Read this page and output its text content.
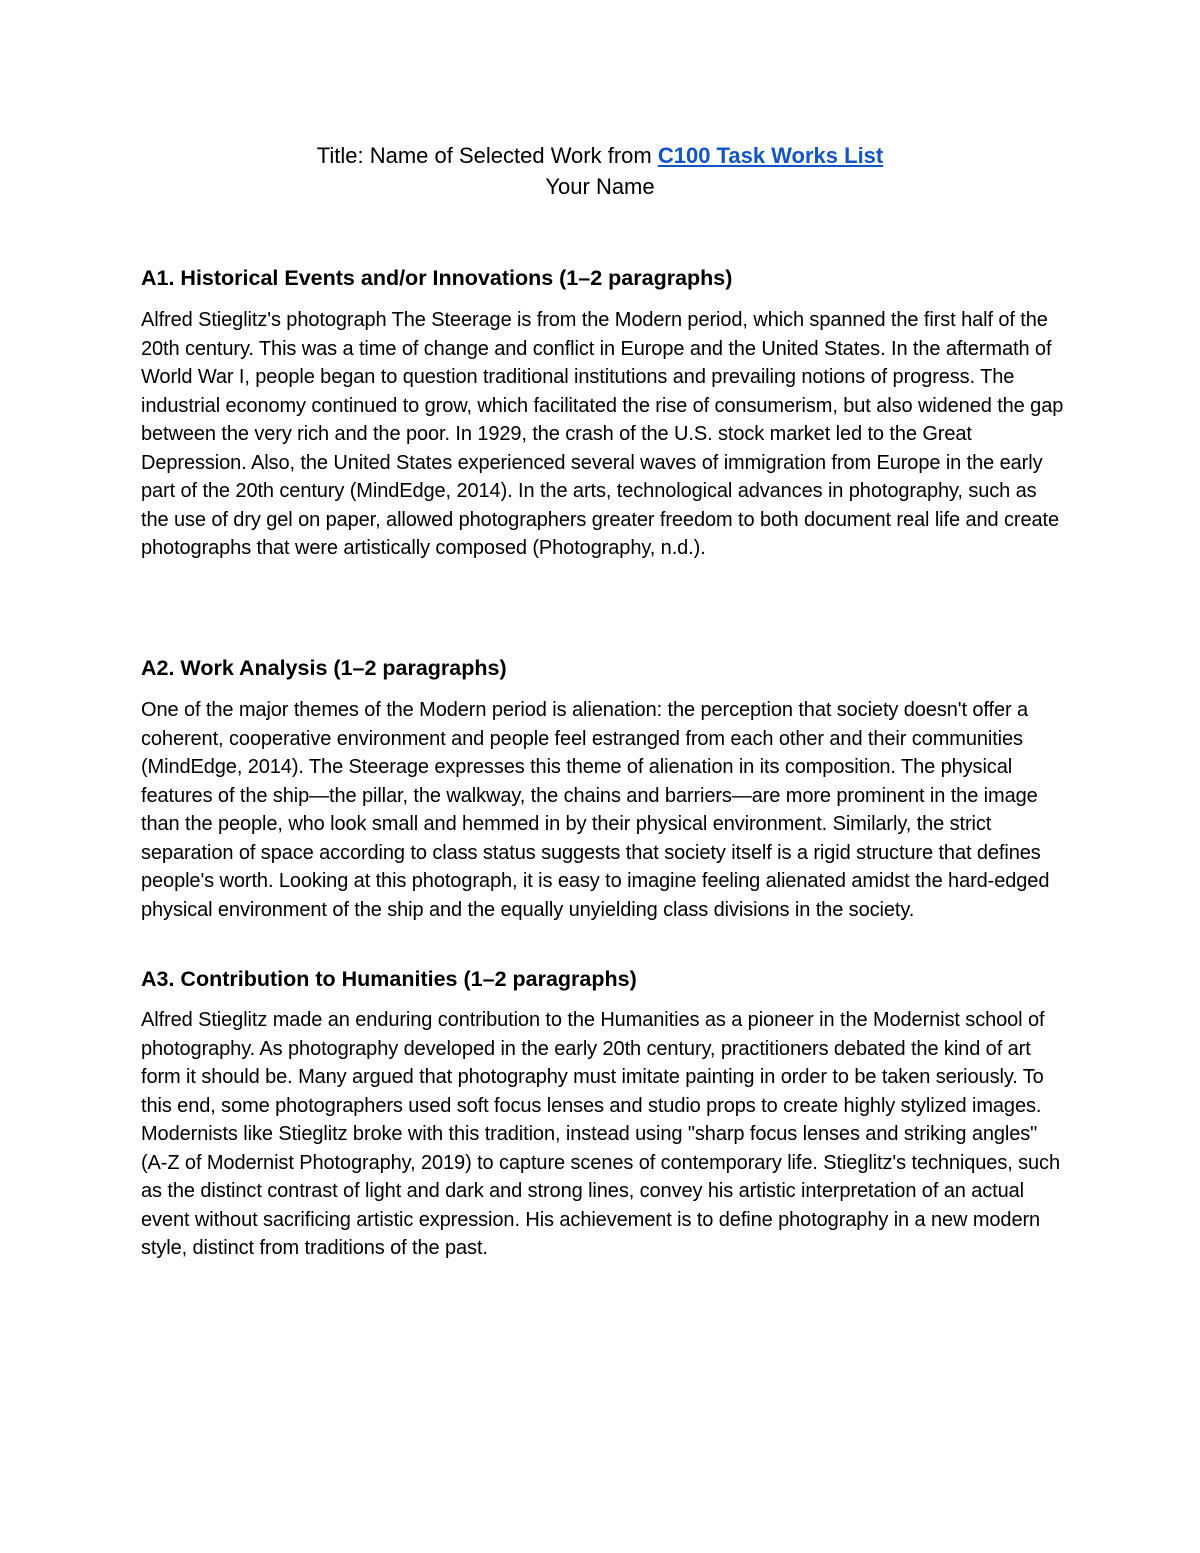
Title: Name of Selected Work from C100 Task Works List
Your Name
A1. Historical Events and/or Innovations (1–2 paragraphs)

Alfred Stieglitz's photograph The Steerage is from the Modern period, which spanned the first half of the 20th century. This was a time of change and conflict in Europe and the United States. In the aftermath of World War I, people began to question traditional institutions and prevailing notions of progress. The industrial economy continued to grow, which facilitated the rise of consumerism, but also widened the gap between the very rich and the poor. In 1929, the crash of the U.S. stock market led to the Great Depression. Also, the United States experienced several waves of immigration from Europe in the early part of the 20th century (MindEdge, 2014). In the arts, technological advances in photography, such as the use of dry gel on paper, allowed photographers greater freedom to both document real life and create photographs that were artistically composed (Photography, n.d.).

A2. Work Analysis (1–2 paragraphs)

One of the major themes of the Modern period is alienation: the perception that society doesn't offer a coherent, cooperative environment and people feel estranged from each other and their communities (MindEdge, 2014). The Steerage expresses this theme of alienation in its composition. The physical features of the ship—the pillar, the walkway, the chains and barriers—are more prominent in the image than the people, who look small and hemmed in by their physical environment. Similarly, the strict separation of space according to class status suggests that society itself is a rigid structure that defines people's worth. Looking at this photograph, it is easy to imagine feeling alienated amidst the hard-edged physical environment of the ship and the equally unyielding class divisions in the society.

A3. Contribution to Humanities (1–2 paragraphs)

Alfred Stieglitz made an enduring contribution to the Humanities as a pioneer in the Modernist school of photography. As photography developed in the early 20th century, practitioners debated the kind of art form it should be. Many argued that photography must imitate painting in order to be taken seriously. To this end, some photographers used soft focus lenses and studio props to create highly stylized images. Modernists like Stieglitz broke with this tradition, instead using "sharp focus lenses and striking angles" (A-Z of Modernist Photography, 2019) to capture scenes of contemporary life. Stieglitz's techniques, such as the distinct contrast of light and dark and strong lines, convey his artistic interpretation of an actual event without sacrificing artistic expression. His achievement is to define photography in a new modern style, distinct from traditions of the past.
